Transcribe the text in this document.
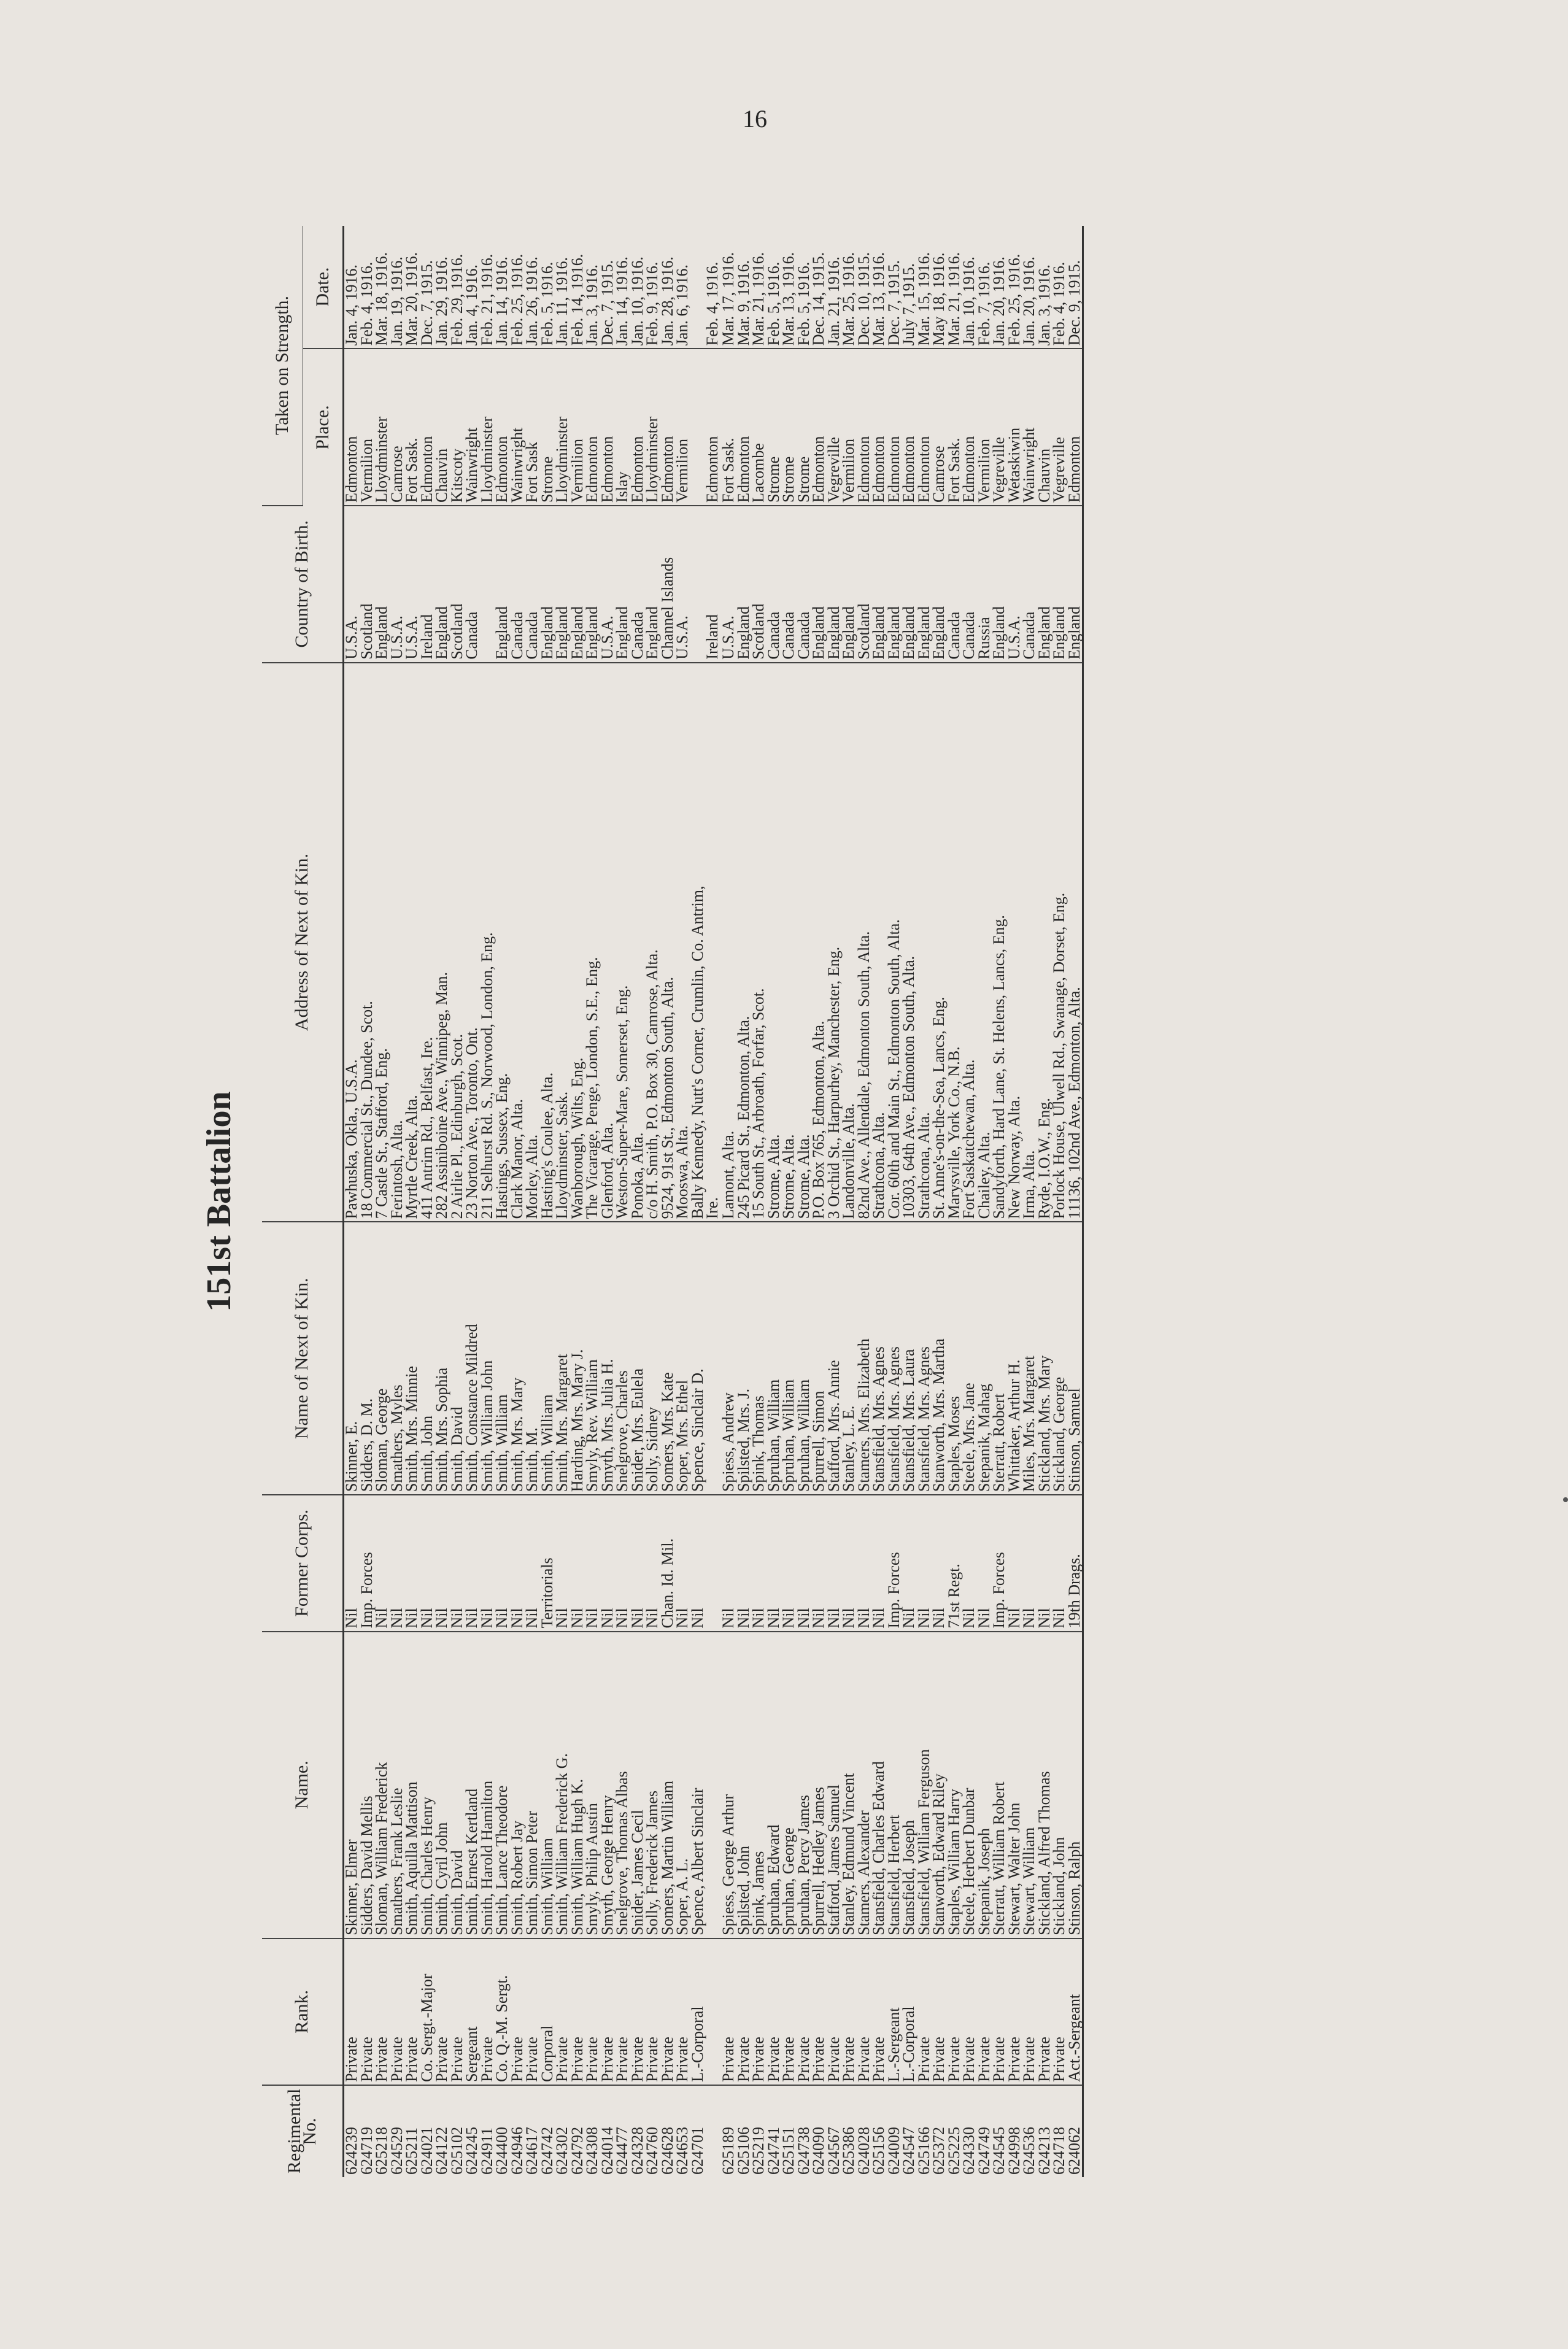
16
151st Battalion
Regimental No.	Rank.	Name.	Former Corps.	Name of Next of Kin.	Address of Next of Kin.	Country of Birth.	Taken on Strength.	
							Place.	Date.
624239	Private	Skinner, Elmer	Nil	Skinner, E.	Pawhuska, Okla., U.S.A.	U.S.A.	Edmonton	Jan. 4, 1916.
624719	Private	Sidders, David Mellis	Imp. Forces	Sidders, D. M.	18 Commercial St., Dundee, Scot.	Scotland	Vermilion	Feb. 4, 1916.
625218	Private	Sloman, William Frederick	Nil	Sloman, George	7 Castle St., Stafford, Eng.	England	Lloydminster	Mar. 18, 1916.
624529	Private	Smathers, Frank Leslie	Nil	Smathers, Myles	Ferintosh, Alta.	U.S.A.	Camrose	Jan. 19, 1916.
625211	Private	Smith, Aquilla Mattison	Nil	Smith, Mrs. Minnie	Myrtle Creek, Alta.	U.S.A.	Fort Sask.	Mar. 20, 1916.
624021	Co. Sergt.-Major	Smith, Charles Henry	Nil	Smith, John	411 Antrim Rd., Belfast, Ire.	Ireland	Edmonton	Dec. 7, 1915.
624122	Private	Smith, Cyril John	Nil	Smith, Mrs. Sophia	282 Assiniboine Ave., Winnipeg, Man.	England	Chauvin	Jan. 29, 1916.
625102	Private	Smith, David	Nil	Smith, David	2 Airlie Pl., Edinburgh, Scot.	Scotland	Kitscoty	Feb. 29, 1916.
624245	Sergeant	Smith, Ernest Kertland	Nil	Smith, Constance Mildred	23 Norton Ave., Toronto, Ont.	Canada	Wainwright	Jan. 4, 1916.
624911	Private	Smith, Harold Hamilton	Nil	Smith, William John	211 Selhurst Rd. S., Norwood, London, Eng.		Lloydminster	Feb. 21, 1916.
624400	Co. Q.-M. Sergt.	Smith, Lance Theodore	Nil	Smith, William	Hastings, Sussex, Eng.	England	Edmonton	Jan. 14, 1916.
624946	Private	Smith, Robert Jay	Nil	Smith, Mrs. Mary	Clark Manor, Alta.	Canada	Wainwright	Feb. 25, 1916.
624617	Private	Smith, Simon Peter	Nil	Smith, M.	Morley, Alta.	Canada	Fort Sask	Jan. 26, 1916.
624742	Corporal	Smith, William	Territorials	Smith, William	Hasting's Coulee, Alta.	England	Strome	Feb. 5, 1916.
624302	Private	Smith, William Frederick G.	Nil	Smith, Mrs. Margaret	Lloydminster, Sask.	England	Lloydminster	Jan. 11, 1916.
624792	Private	Smith, William Hugh K.	Nil	Harding, Mrs. Mary J.	Wanborough, Wilts, Eng.	England	Vermilion	Feb. 14, 1916.
624308	Private	Smyly, Philip Austin	Nil	Smyly, Rev. William	The Vicarage, Penge, London, S.E., Eng.	England	Edmonton	Jan. 3, 1916.
624014	Private	Smyth, George Henry	Nil	Smyth, Mrs. Julia H.	Glenford, Alta.	U.S.A.	Edmonton	Dec. 7, 1915.
624477	Private	Snelgrove, Thomas Albas	Nil	Snelgrove, Charles	Weston-Super-Mare, Somerset, Eng.	England	Islay	Jan. 14, 1916.
624328	Private	Snider, James Cecil	Nil	Snider, Mrs. Eulela	Ponoka, Alta.	Canada	Edmonton	Jan. 10, 1916.
624760	Private	Solly, Frederick James	Nil	Solly, Sidney	c/o H. Smith, P.O. Box 30, Camrose, Alta.	England	Lloydminster	Feb. 9, 1916.
624628	Private	Somers, Martin William	Chan. Id. Mil.	Somers, Mrs. Kate	9524, 91st St., Edmonton South, Alta.	Channel Islands	Edmonton	Jan. 28, 1916.
624653	Private	Soper, A. L.	Nil	Soper, Mrs. Ethel	Mooswa, Alta.	U.S.A.	Vermilion	Jan. 6, 1916.
624701	L.-Corporal	Spence, Albert Sinclair	Nil	Spence, Sinclair D.	Bally Kennedy, Nutt's Corner, Crumlin, Co. Antrim,			
					Ire.	Ireland	Edmonton	Feb. 4, 1916.
625189	Private	Spiess, George Arthur	Nil	Spiess, Andrew	Lamont, Alta.	U.S.A.	Fort Sask.	Mar. 17, 1916.
625106	Private	Spilsted, John	Nil	Spilsted, Mrs. J.	245 Picard St., Edmonton, Alta.	England	Edmonton	Mar. 9, 1916.
625219	Private	Spink, James	Nil	Spink, Thomas	15 South St., Arbroath, Forfar, Scot.	Scotland	Lacombe	Mar. 21, 1916.
624741	Private	Spruhan, Edward	Nil	Spruhan, William	Strome, Alta.	Canada	Strome	Feb. 5, 1916.
625151	Private	Spruhan, George	Nil	Spruhan, William	Strome, Alta.	Canada	Strome	Mar. 13, 1916.
624738	Private	Spruhan, Percy James	Nil	Spruhan, William	Strome, Alta.	Canada	Strome	Feb. 5, 1916.
624090	Private	Spurrell, Hedley James	Nil	Spurrell, Simon	P.O. Box 765, Edmonton, Alta.	England	Edmonton	Dec. 14, 1915.
624567	Private	Stafford, James Samuel	Nil	Stafford, Mrs. Annie	3 Orchid St., Harpurhey, Manchester, Eng.	England	Vegreville	Jan. 21, 1916.
625386	Private	Stanley, Edmund Vincent	Nil	Stanley, L. E.	Landonville, Alta.	England	Vermilion	Mar. 25, 1916.
624028	Private	Stamers, Alexander	Nil	Stamers, Mrs. Elizabeth	82nd Ave., Allendale, Edmonton South, Alta.	Scotland	Edmonton	Dec. 10, 1915.
625156	Private	Stansfield, Charles Edward	Nil	Stansfield, Mrs. Agnes	Strathcona, Alta.	England	Edmonton	Mar. 13, 1916.
624009	L.-Sergeant	Stansfield, Herbert	Imp. Forces	Stansfield, Mrs. Agnes	Cor. 60th and Main St., Edmonton South, Alta.	England	Edmonton	Dec. 7, 1915.
624547	L.-Corporal	Stansfield, Joseph	Nil	Stansfield, Mrs. Laura	10303, 64th Ave., Edmonton South, Alta.	England	Edmonton	July 7, 1915.
625166	Private	Stansfield, William Ferguson	Nil	Stansfield, Mrs. Agnes	Strathcona, Alta.	England	Edmonton	Mar. 15, 1916.
625372	Private	Stanworth, Edward Riley	Nil	Stanworth, Mrs. Martha	St. Anne's-on-the-Sea, Lancs, Eng.	England	Camrose	May 18, 1916.
625225	Private	Staples, William Harry	71st Regt.	Staples, Moses	Marysville, York Co., N.B.	Canada	Fort Sask.	Mar. 21, 1916.
624330	Private	Steele, Herbert Dunbar	Nil	Steele, Mrs. Jane	Fort Saskatchewan, Alta.	Canada	Edmonton	Jan. 10, 1916.
624749	Private	Stepanik, Joseph	Nil	Stepanik, Mahag	Chailey, Alta.	Russia	Vermilion	Feb. 7, 1916.
624545	Private	Sterratt, William Robert	Imp. Forces	Sterratt, Robert	Sandyforth, Hard Lane, St. Helens, Lancs, Eng.	England	Vegreville	Jan. 20, 1916.
624998	Private	Stewart, Walter John	Nil	Whittaker, Arthur H.	New Norway, Alta.	U.S.A.	Wetaskiwin	Feb. 25, 1916.
624536	Private	Stewart, William	Nil	Miles, Mrs. Margaret	Irma, Alta.	Canada	Wainwright	Jan. 20, 1916.
624213	Private	Stickland, Alfred Thomas	Nil	Stickland, Mrs. Mary	Ryde, I.O.W., Eng.	England	Chauvin	Jan. 3, 1916.
624718	Private	Stickland, John	Nil	Stickland, George	Porlock House, Ulwell Rd., Swanage, Dorset, Eng.	England	Vegreville	Feb. 4, 1916.
624062	Act.-Sergeant	Stinson, Ralph	19th Drags.	Stinson, Samuel	11136, 102nd Ave., Edmonton, Alta.	England	Edmonton	Dec. 9, 1915.
